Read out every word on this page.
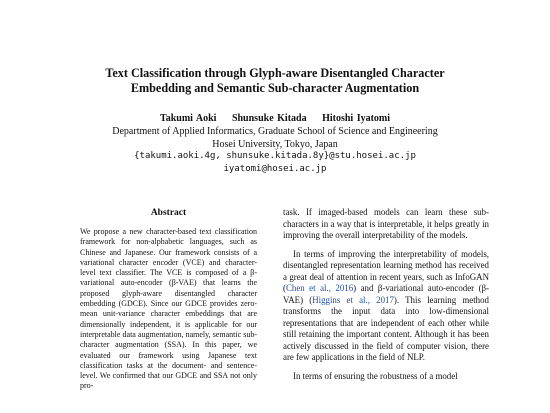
Text Classification through Glyph-aware Disentangled Character
Embedding and Semantic Sub-character Augmentation
Takumi Aoki Shunsuke Kitada Hitoshi Iyatomi
Department of Applied Informatics, Graduate School of Science and Engineering
Hosei University, Tokyo, Japan
{takumi.aoki.4g, shunsuke.kitada.8y}@stu.hosei.ac.jp
iyatomi@hosei.ac.jp
Abstract

We propose a new character-based text classification framework for non-alphabetic languages, such as Chinese and Japanese. Our framework consists of a variational character encoder (VCE) and character-level text classifier. The VCE is composed of a β-variational auto-encoder (β-VAE) that learns the proposed glyph-aware disentangled character embedding (GDCE). Since our GDCE provides zero-mean unit-variance character embeddings that are dimensionally independent, it is applicable for our interpretable data augmentation, namely, semantic sub-character augmentation (SSA). In this paper, we evaluated our framework using Japanese text classification tasks at the document- and sentence-level. We confirmed that our GDCE and SSA not only pro-

task. If imaged-based models can learn these sub-characters in a way that is interpretable, it helps greatly in improving the overall interpretability of the models.

In terms of improving the interpretability of models, disentangled representation learning method has received a great deal of attention in recent years, such as InfoGAN (Chen et al., 2016) and β-variational auto-encoder (β-VAE) (Higgins et al., 2017). This learning method transforms the input data into low-dimensional representations that are independent of each other while still retaining the important content. Although it has been actively discussed in the field of computer vision, there are few applications in the field of NLP.

In terms of ensuring the robustness of a model
